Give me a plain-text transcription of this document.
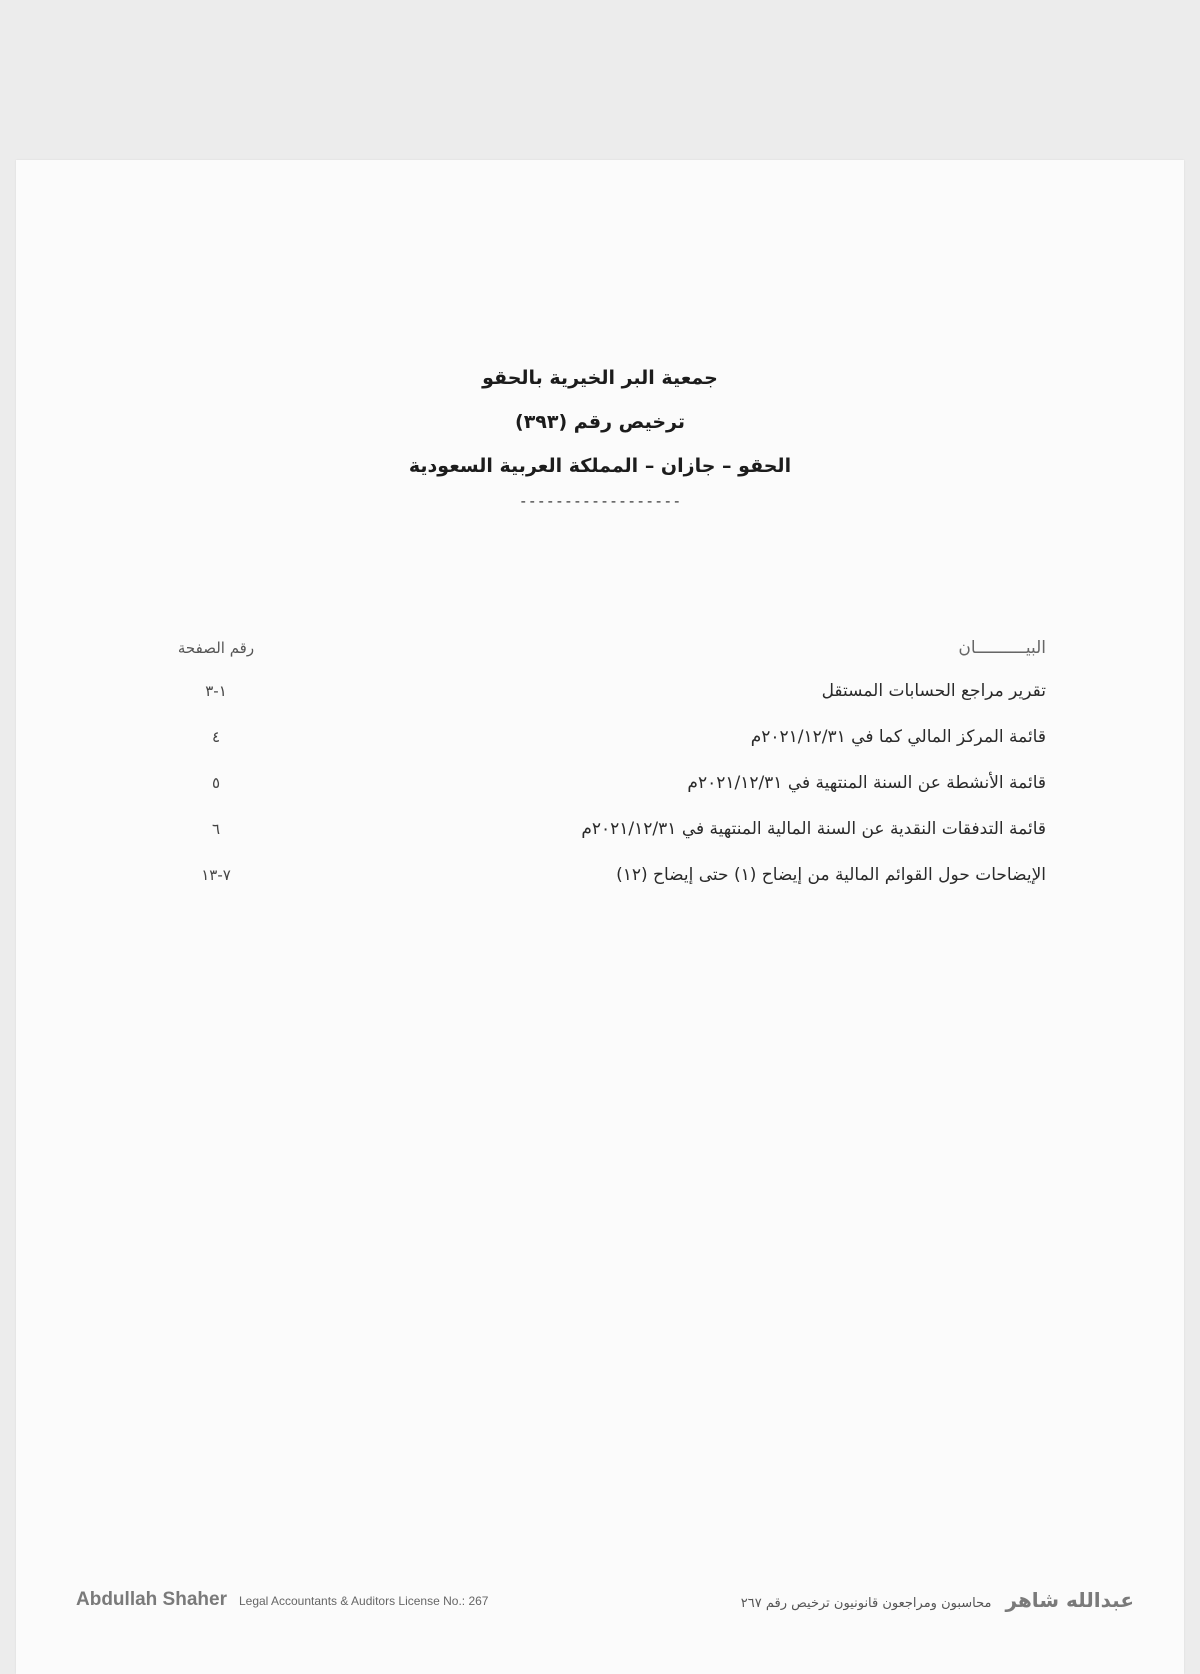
جمعية البر الخيرية بالحقو
ترخيص رقم (٣٩٣)
الحقو – جازان – المملكة العربية السعودية
------------------
البيــــــــــان
رقم الصفحة
تقرير مراجع الحسابات المستقل
١-٣
قائمة المركز المالي كما في ٢٠٢١/١٢/٣١م
٤
قائمة الأنشطة عن السنة المنتهية في ٢٠٢١/١٢/٣١م
٥
قائمة التدفقات النقدية عن السنة المالية المنتهية في ٢٠٢١/١٢/٣١م
٦
الإيضاحات حول القوائم المالية من إيضاح (١) حتى إيضاح (١٢)
٧-١٣
Abdullah Shaher Legal Accountants & Auditors License No.: 267	عبدالله شاهر
محاسبون ومراجعون قانونيون ترخيص رقم ٢٦٧
